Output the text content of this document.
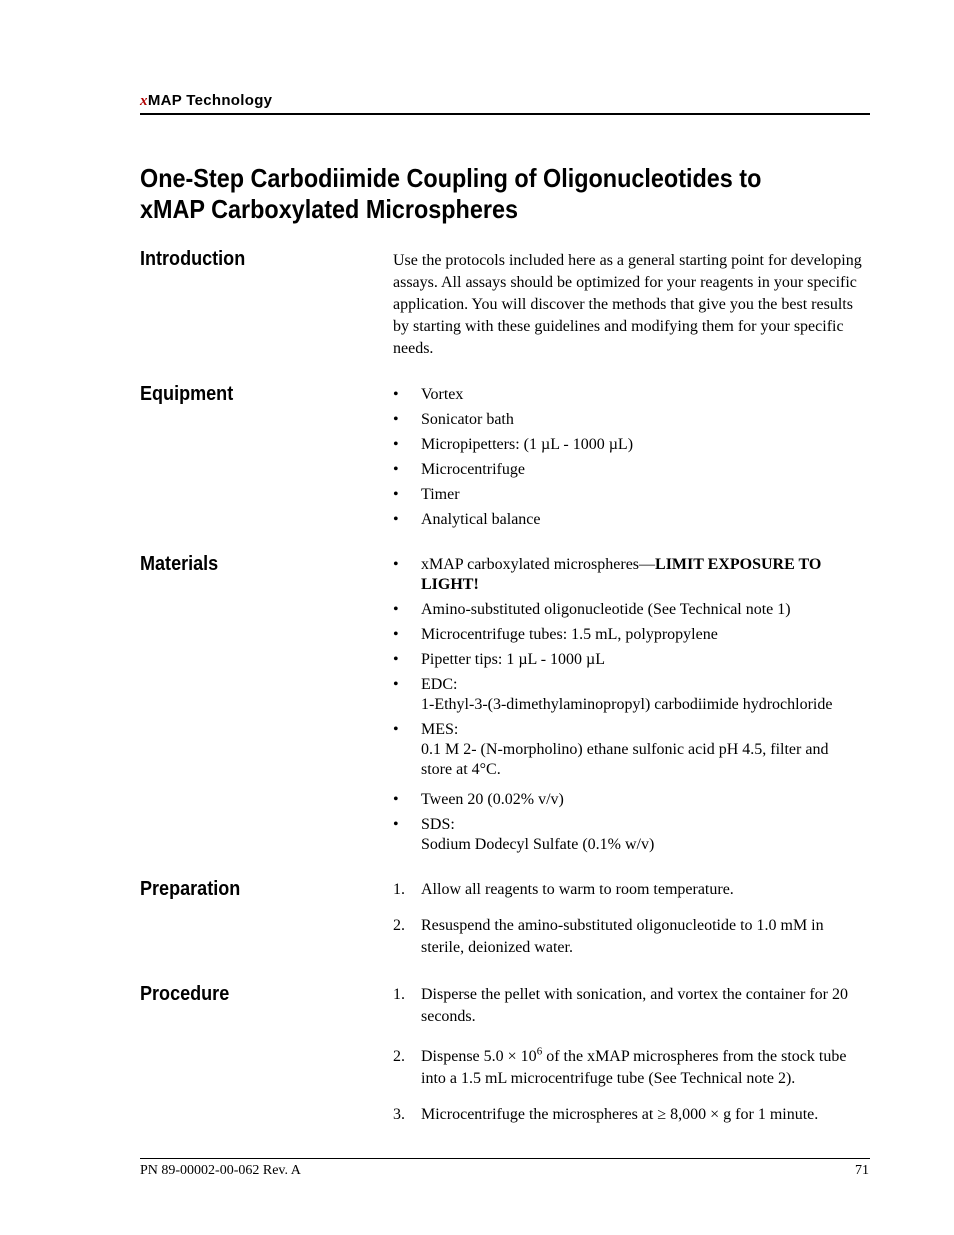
xMAP Technology
One-Step Carbodiimide Coupling of Oligonucleotides to xMAP Carboxylated Microspheres
Introduction	Use the protocols included here as a general starting point for developing assays. All assays should be optimized for your reagents in your specific application. You will discover the methods that give you the best results by starting with these guidelines and modifying them for your specific needs.

Equipment	• Vortex
• Sonicator bath
• Micropipetters: (1 µL - 1000 µL)
• Microcentrifuge
• Timer
• Analytical balance
Materials	• xMAP carboxylated microspheres—LIMIT EXPOSURE TO LIGHT!
• Amino-substituted oligonucleotide (See Technical note 1)
• Microcentrifuge tubes: 1.5 mL, polypropylene
• Pipetter tips: 1 µL - 1000 µL
• EDC:
1-Ethyl-3-(3-dimethylaminopropyl) carbodiimide hydrochloride
• MES:
0.1 M 2- (N-morpholino) ethane sulfonic acid pH 4.5, filter and store at 4°C.
• Tween 20 (0.02% v/v)
• SDS:
Sodium Dodecyl Sulfate (0.1% w/v)
Preparation	1. Allow all reagents to warm to room temperature.
2. Resuspend the amino-substituted oligonucleotide to 1.0 mM in sterile, deionized water.
Procedure	1. Disperse the pellet with sonication, and vortex the container for 20 seconds.
2. Dispense $5.0 \times 10^6$ of the xMAP microspheres from the stock tube into a 1.5 mL microcentrifuge tube (See Technical note 2).
3. Microcentrifuge the microspheres at ≥ 8,000 × g for 1 minute.
PN 89-00002-00-062 Rev. A	71
